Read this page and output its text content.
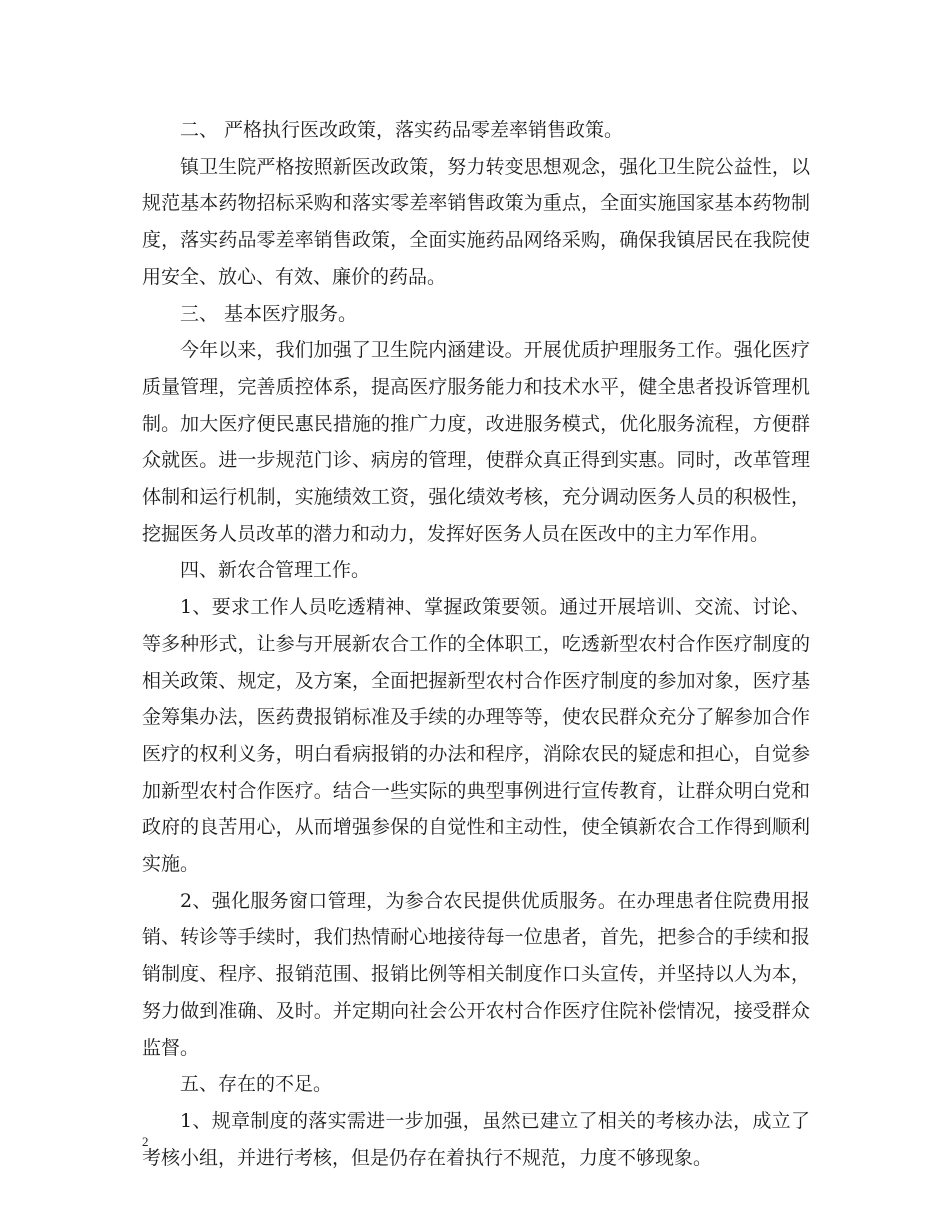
二、 严格执行医改政策，落实药品零差率销售政策。

镇卫生院严格按照新医改政策，努力转变思想观念，强化卫生院公益性，以规范基本药物招标采购和落实零差率销售政策为重点，全面实施国家基本药物制度，落实药品零差率销售政策，全面实施药品网络采购，确保我镇居民在我院使用安全、放心、有效、廉价的药品。

三、 基本医疗服务。

今年以来，我们加强了卫生院内涵建设。开展优质护理服务工作。强化医疗质量管理，完善质控体系，提高医疗服务能力和技术水平，健全患者投诉管理机制。加大医疗便民惠民措施的推广力度，改进服务模式，优化服务流程，方便群众就医。进一步规范门诊、病房的管理，使群众真正得到实惠。同时，改革管理体制和运行机制，实施绩效工资，强化绩效考核，充分调动医务人员的积极性，挖掘医务人员改革的潜力和动力，发挥好医务人员在医改中的主力军作用。

四、新农合管理工作。

1、要求工作人员吃透精神、掌握政策要领。通过开展培训、交流、讨论、等多种形式，让参与开展新农合工作的全体职工，吃透新型农村合作医疗制度的相关政策、规定，及方案，全面把握新型农村合作医疗制度的参加对象，医疗基金筹集办法，医药费报销标准及手续的办理等等，使农民群众充分了解参加合作医疗的权利义务，明白看病报销的办法和程序，消除农民的疑虑和担心，自觉参加新型农村合作医疗。结合一些实际的典型事例进行宣传教育，让群众明白党和政府的良苦用心，从而增强参保的自觉性和主动性，使全镇新农合工作得到顺利实施。

2、强化服务窗口管理，为参合农民提供优质服务。在办理患者住院费用报销、转诊等手续时，我们热情耐心地接待每一位患者，首先，把参合的手续和报销制度、程序、报销范围、报销比例等相关制度作口头宣传，并坚持以人为本，努力做到准确、及时。并定期向社会公开农村合作医疗住院补偿情况，接受群众监督。

五、存在的不足。

1、规章制度的落实需进一步加强，虽然已建立了相关的考核办法，成立了考核小组，并进行考核，但是仍存在着执行不规范，力度不够现象。

2
